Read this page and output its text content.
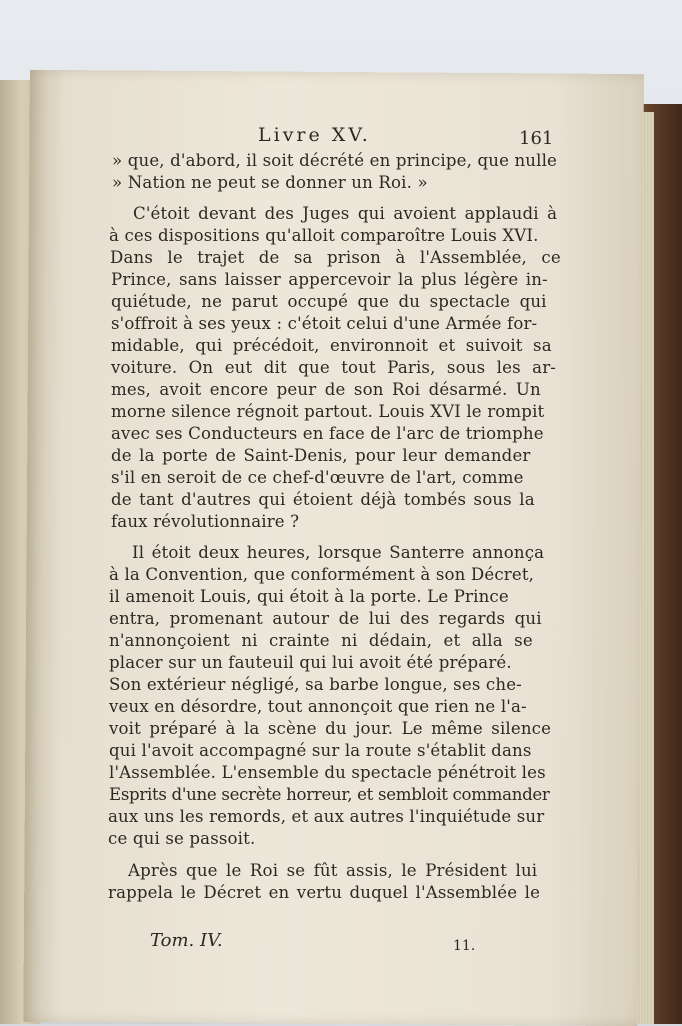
Livre XV.	161
» que, d'abord, il soit décrété en principe, que nulle
» Nation ne peut se donner un Roi. »
C'étoit devant des Juges qui avoient applaudi à
à ces dispositions qu'alloit comparoître Louis XVI.
Dans le trajet de sa prison à l'Assemblée, ce
Prince, sans laisser appercevoir la plus légère in-
quiétude, ne parut occupé que du spectacle qui
s'offroit à ses yeux : c'étoit celui d'une Armée for-
midable, qui précédoit, environnoit et suivoit sa
voiture. On eut dit que tout Paris, sous les ar-
mes, avoit encore peur de son Roi désarmé. Un
morne silence régnoit partout. Louis XVI le rompit
avec ses Conducteurs en face de l'arc de triomphe
de la porte de Saint-Denis, pour leur demander
s'il en seroit de ce chef-d'œuvre de l'art, comme
de tant d'autres qui étoient déjà tombés sous la
faux révolutionnaire ?
Il étoit deux heures, lorsque Santerre annonça
à la Convention, que conformément à son Décret,
il amenoit Louis, qui étoit à la porte. Le Prince
entra, promenant autour de lui des regards qui
n'annonçoient ni crainte ni dédain, et alla se
placer sur un fauteuil qui lui avoit été préparé.
Son extérieur négligé, sa barbe longue, ses che-
veux en désordre, tout annonçoit que rien ne l'a-
voit préparé à la scène du jour. Le même silence
qui l'avoit accompagné sur la route s'établit dans
l'Assemblée. L'ensemble du spectacle pénétroit les
Esprits d'une secrète horreur, et sembloit commander
aux uns les remords, et aux autres l'inquiétude sur
ce qui se passoit.
Après que le Roi se fût assis, le Président lui
rappela le Décret en vertu duquel l'Assemblée le
Tom. IV.	11.
